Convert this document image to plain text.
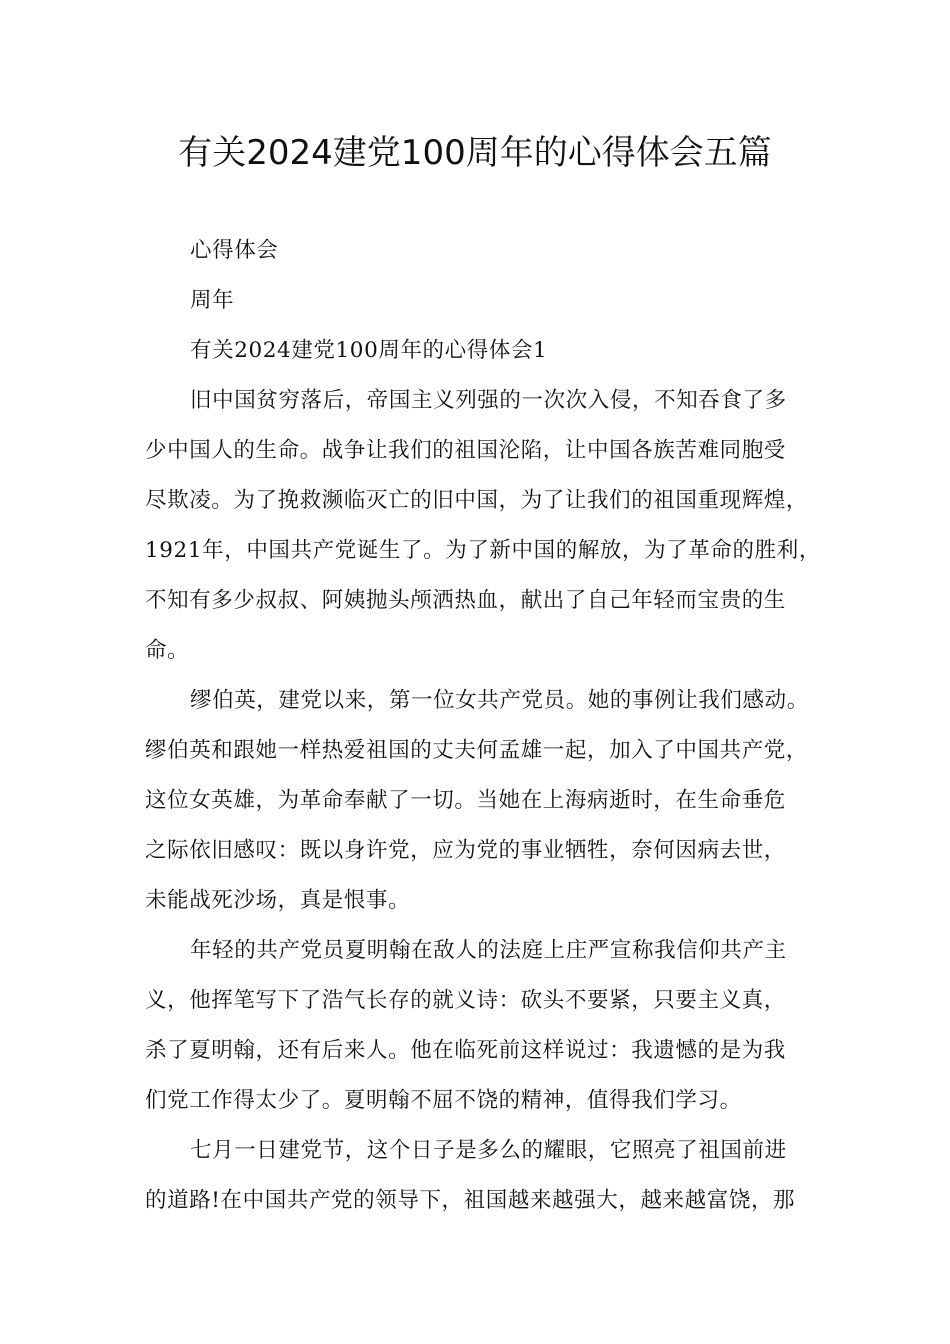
有关2024建党100周年的心得体会五篇
心得体会
周年
有关2024建党100周年的心得体会1
旧中国贫穷落后，帝国主义列强的一次次入侵，不知吞食了多
少中国人的生命。战争让我们的祖国沦陷，让中国各族苦难同胞受
尽欺凌。为了挽救濒临灭亡的旧中国，为了让我们的祖国重现辉煌，
1921年，中国共产党诞生了。为了新中国的解放，为了革命的胜利，
不知有多少叔叔、阿姨抛头颅洒热血，献出了自己年轻而宝贵的生
命。
缪伯英，建党以来，第一位女共产党员。她的事例让我们感动。
缪伯英和跟她一样热爱祖国的丈夫何孟雄一起，加入了中国共产党，
这位女英雄，为革命奉献了一切。当她在上海病逝时，在生命垂危
之际依旧感叹：既以身许党，应为党的事业牺牲，奈何因病去世，
未能战死沙场，真是恨事。
年轻的共产党员夏明翰在敌人的法庭上庄严宣称我信仰共产主
义，他挥笔写下了浩气长存的就义诗：砍头不要紧，只要主义真，
杀了夏明翰，还有后来人。他在临死前这样说过：我遗憾的是为我
们党工作得太少了。夏明翰不屈不饶的精神，值得我们学习。
七月一日建党节，这个日子是多么的耀眼，它照亮了祖国前进
的道路!在中国共产党的领导下，祖国越来越强大，越来越富饶，那
